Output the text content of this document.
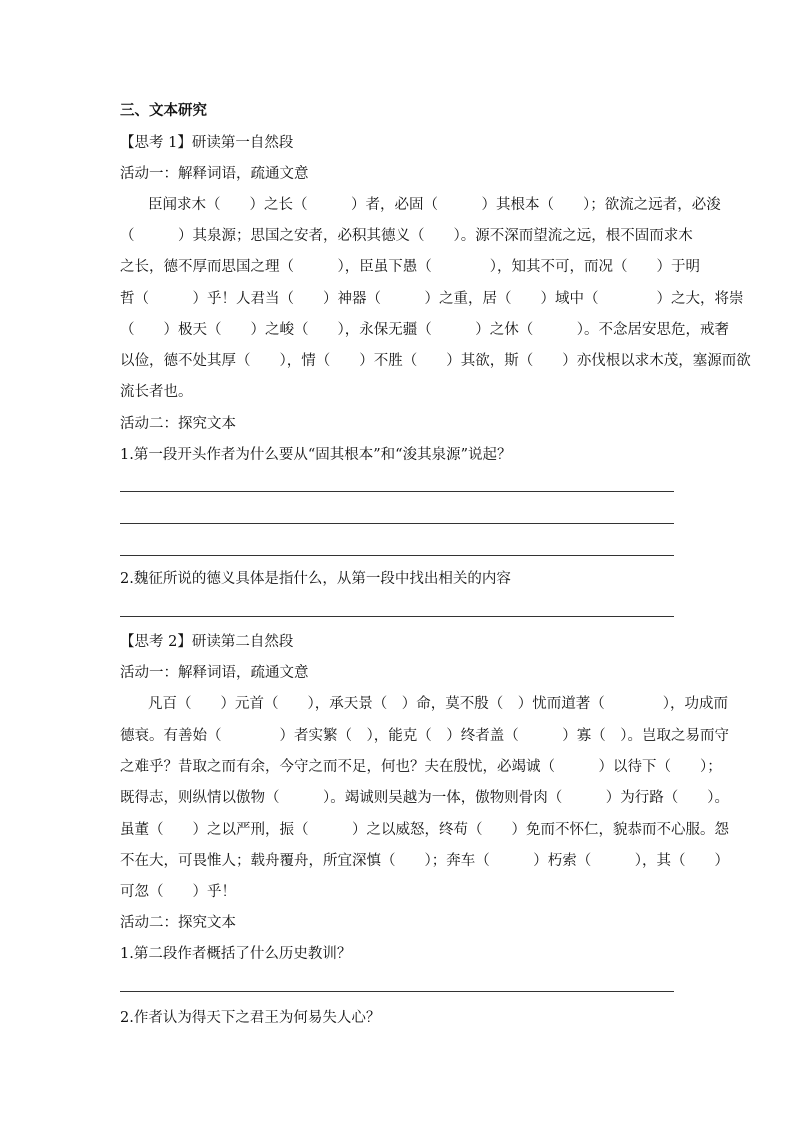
三、文本研究
【思考 1】研读第一自然段
活动一：解释词语，疏通文意
臣闻求木（　　）之长（　　　）者，必固（　　　）其根本（　　）；欲流之远者，必浚
（　　　）其泉源；思国之安者，必积其德义（　　）。源不深而望流之远，根不固而求木
之长，德不厚而思国之理（　　　），臣虽下愚（　　　　），知其不可，而况（　　）于明
哲（　　　）乎！人君当（　　）神器（　　　）之重，居（　　）域中（　　　　）之大，将崇
（　　）极天（　　）之峻（　　），永保无疆（　　　）之休（　　　）。不念居安思危，戒奢
以俭，德不处其厚（　　），情（　　）不胜（　　）其欲，斯（　　）亦伐根以求木茂，塞源而欲
流长者也。
活动二：探究文本
1.第一段开头作者为什么要从“固其根本”和“浚其泉源”说起？
2.魏征所说的德义具体是指什么，从第一段中找出相关的内容
【思考 2】研读第二自然段
活动一：解释词语，疏通文意
凡百（　　）元首（　　），承天景（　）命，莫不殷（　）忧而道著（　　　　），功成而
德衰。有善始（　　　　）者实繁（　），能克（　）终者盖（　　　）寡（　）。岂取之易而守
之难乎？昔取之而有余，今守之而不足，何也？夫在殷忧，必竭诚（　　　）以待下（　　）；
既得志，则纵情以傲物（　　　）。竭诚则吴越为一体，傲物则骨肉（　　　）为行路（　　）。
虽董（　　）之以严刑，振（　　　）之以威怒，终苟（　　）免而不怀仁，貌恭而不心服。怨
不在大，可畏惟人；载舟覆舟，所宜深慎（　　）；奔车（　　　）朽索（　　　），其（　　）
可忽（　　）乎！
活动二：探究文本
1.第二段作者概括了什么历史教训？
2.作者认为得天下之君王为何易失人心？
